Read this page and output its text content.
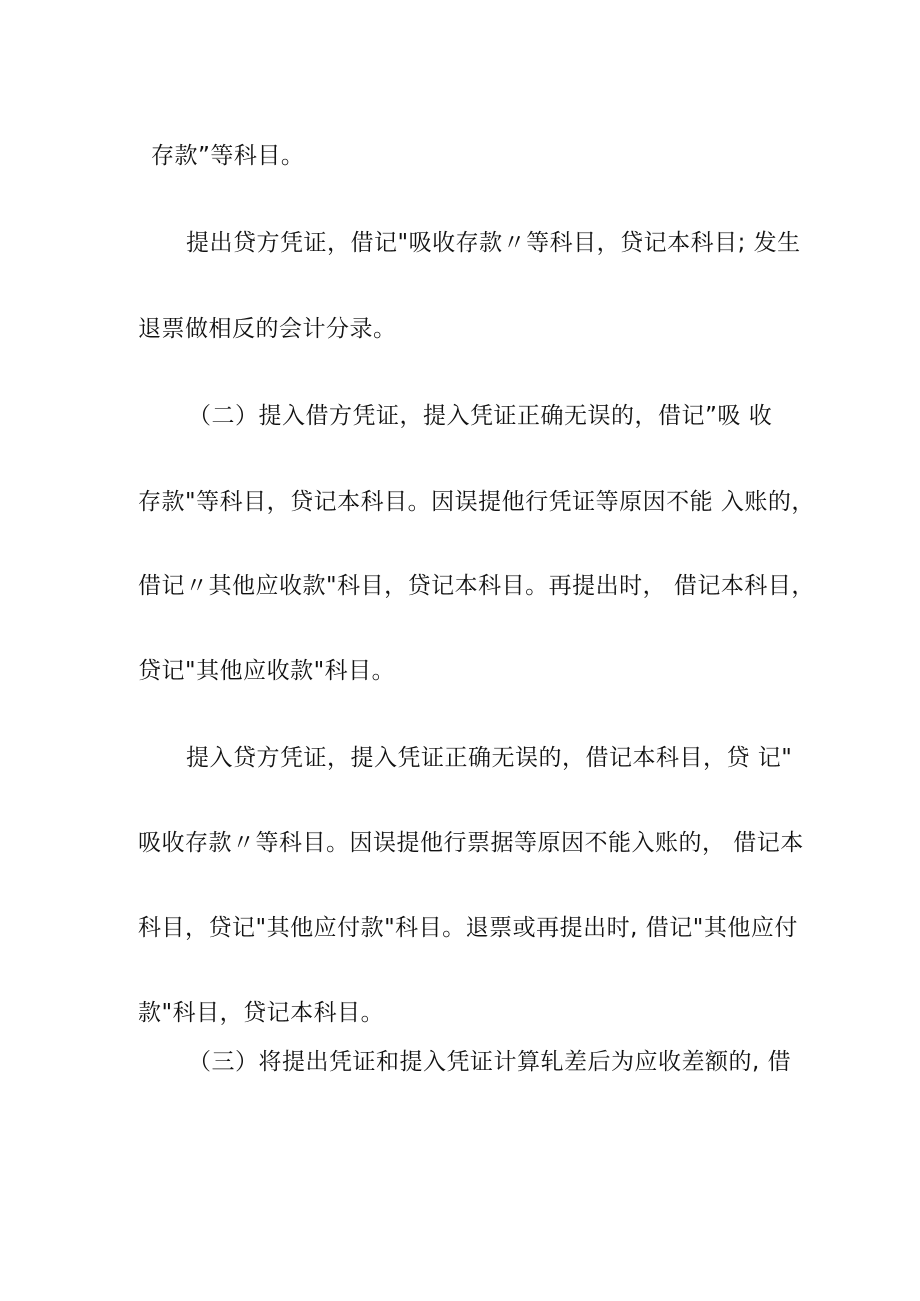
存款”等科目。
提出贷方凭证，借记"吸收存款〃等科目，贷记本科目; 发生
退票做相反的会计分录。
（二）提入借方凭证，提入凭证正确无误的，借记”吸 收
存款"等科目，贷记本科目。因误提他行凭证等原因不能 入账的，
借记〃其他应收款"科目，贷记本科目。再提出时， 借记本科目，
贷记"其他应收款"科目。
提入贷方凭证，提入凭证正确无误的，借记本科目，贷 记"
吸收存款〃等科目。因误提他行票据等原因不能入账的， 借记本
科目，贷记"其他应付款"科目。退票或再提出时, 借记"其他应付
款"科目，贷记本科目。
（三）将提出凭证和提入凭证计算轧差后为应收差额的, 借
